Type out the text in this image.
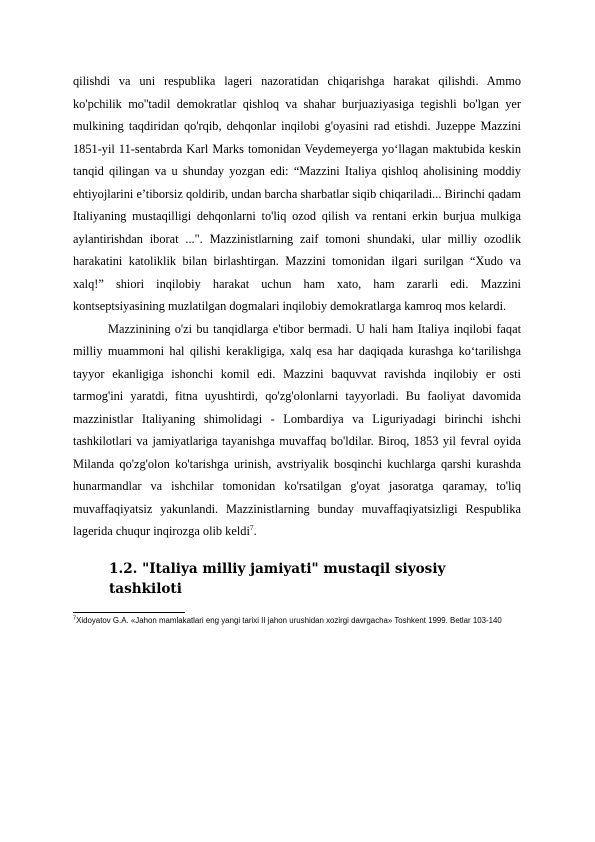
qilishdi va uni respublika lageri nazoratidan chiqarishga harakat qilishdi. Ammo ko'pchilik mo''tadil demokratlar qishloq va shahar burjuaziyasiga tegishli bo'lgan yer mulkining taqdiridan qo'rqib, dehqonlar inqilobi g'oyasini rad etishdi. Juzeppe Mazzini 1851-yil 11-sentabrda Karl Marks tomonidan Veydemeyerga yo‘llagan maktubida keskin tanqid qilingan va u shunday yozgan edi: “Mazzini Italiya qishloq aholisining moddiy ehtiyojlarini e’tiborsiz qoldirib, undan barcha sharbatlar siqib chiqariladi... Birinchi qadam Italiyaning mustaqilligi dehqonlarni to'liq ozod qilish va rentani erkin burjua mulkiga aylantirishdan iborat ...". Mazzinistlarning zaif tomoni shundaki, ular milliy ozodlik harakatini katoliklik bilan birlashtirgan. Mazzini tomonidan ilgari surilgan “Xudo va xalq!” shiori inqilobiy harakat uchun ham xato, ham zararli edi. Mazzini kontseptsiyasining muzlatilgan dogmalari inqilobiy demokratlarga kamroq mos kelardi.

Mazzinining o'zi bu tanqidlarga e'tibor bermadi. U hali ham Italiya inqilobi faqat milliy muammoni hal qilishi kerakligiga, xalq esa har daqiqada kurashga ko‘tarilishga tayyor ekanligiga ishonchi komil edi. Mazzini baquvvat ravishda inqilobiy er osti tarmog'ini yaratdi, fitna uyushtirdi, qo'zg'olonlarni tayyorladi. Bu faoliyat davomida mazzinistlar Italiyaning shimolidagi - Lombardiya va Liguriyadagi birinchi ishchi tashkilotlari va jamiyatlariga tayanishga muvaffaq bo'ldilar. Biroq, 1853 yil fevral oyida Milanda qo'zg'olon ko'tarishga urinish, avstriyalik bosqinchi kuchlarga qarshi kurashda hunarmandlar va ishchilar tomonidan ko'rsatilgan g'oyat jasoratga qaramay, to'liq muvaffaqiyatsiz yakunlandi. Mazzinistlarning bunday muvaffaqiyatsizligi Respublika lagerida chuqur inqirozga olib keldi$^7$.

1.2. "Italiya milliy jamiyati" mustaqil siyosiy tashkiloti
$^7$Xidoyatov G.A. «Jahon mamlakatlari eng yangi tarixi II jahon urushidan xozirgi davrgacha» Toshkent 1999. Betlar 103-140
